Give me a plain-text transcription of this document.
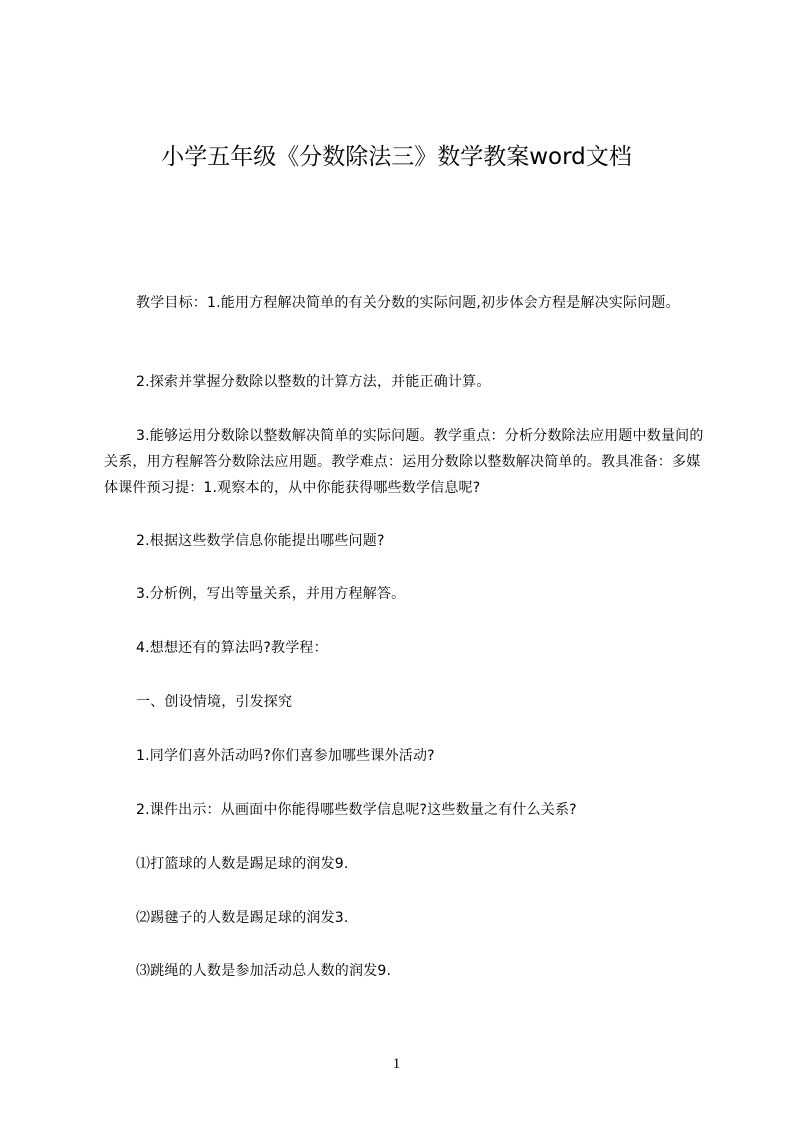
小学五年级《分数除法三》数学教案word文档
教学目标：1.能用方程解决简单的有关分数的实际问题,初步体会方程是解决实际问题。
2.探索并掌握分数除以整数的计算方法，并能正确计算。
3.能够运用分数除以整数解决简单的实际问题。教学重点：分析分数除法应用题中数量间的关系，用方程解答分数除法应用题。教学难点：运用分数除以整数解决简单的。教具准备：多媒体课件预习提：1.观察本的，从中你能获得哪些数学信息呢?
2.根据这些数学信息你能提出哪些问题?
3.分析例，写出等量关系，并用方程解答。
4.想想还有的算法吗?教学程：
一、创设情境，引发探究
1.同学们喜外活动吗?你们喜参加哪些课外活动?
2.课件出示：从画面中你能得哪些数学信息呢?这些数量之有什么关系?
⑴打篮球的人数是踢足球的润发9.
⑵踢毽子的人数是踢足球的润发3.
⑶跳绳的人数是参加活动总人数的润发9.
1
